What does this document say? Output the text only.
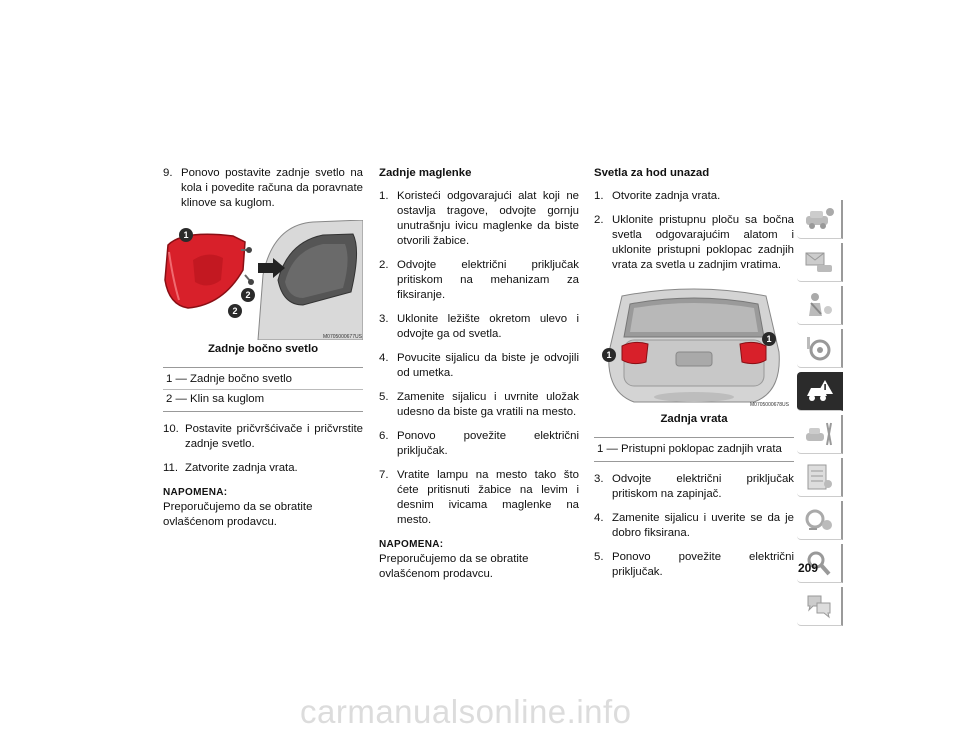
9. Ponovo postavite zadnje svetlo na kola i povedite računa da poravnate klinove sa kuglom.
1
2
2
M0705000677US
Zadnje bočno svetlo
1 — Zadnje bočno svetlo
2 — Klin sa kuglom
10. Postavite pričvršćivače i pričvrstite zadnje svetlo.
11. Zatvorite zadnja vrata.
NAPOMENA:
Preporučujemo da se obratite ovlašćenom prodavcu.
Zadnje maglenke
1. Koristeći odgovarajući alat koji ne ostavlja tragove, odvojte gornju unutrašnju ivicu maglenke da biste otvorili žabice.
2. Odvojte električni priključak pritiskom na mehanizam za fiksiranje.
3. Uklonite ležište okretom ulevo i odvojte ga od svetla.
4. Povucite sijalicu da biste je odvojili od umetka.
5. Zamenite sijalicu i uvrnite uložak udesno da biste ga vratili na mesto.
6. Ponovo povežite električni priključak.
7. Vratite lampu na mesto tako što ćete pritisnuti žabice na levim i desnim ivicama maglenke na mesto.
NAPOMENA:
Preporučujemo da se obratite ovlašćenom prodavcu.
Svetla za hod unazad
1. Otvorite zadnja vrata.
2. Uklonite pristupnu ploču sa bočna svetla odgovarajućim alatom i uklonite pristupni poklopac zadnjih vrata za svetla u zadnjim vratima.
1
1
M0705000678US
Zadnja vrata
1 — Pristupni poklopac zadnjih vrata
3. Odvojte električni priključak pritiskom na zapinjač.
4. Zamenite sijalicu i uverite se da je dobro fiksirana.
5. Ponovo povežite električni priključak.	209
carmanualsonline.info
